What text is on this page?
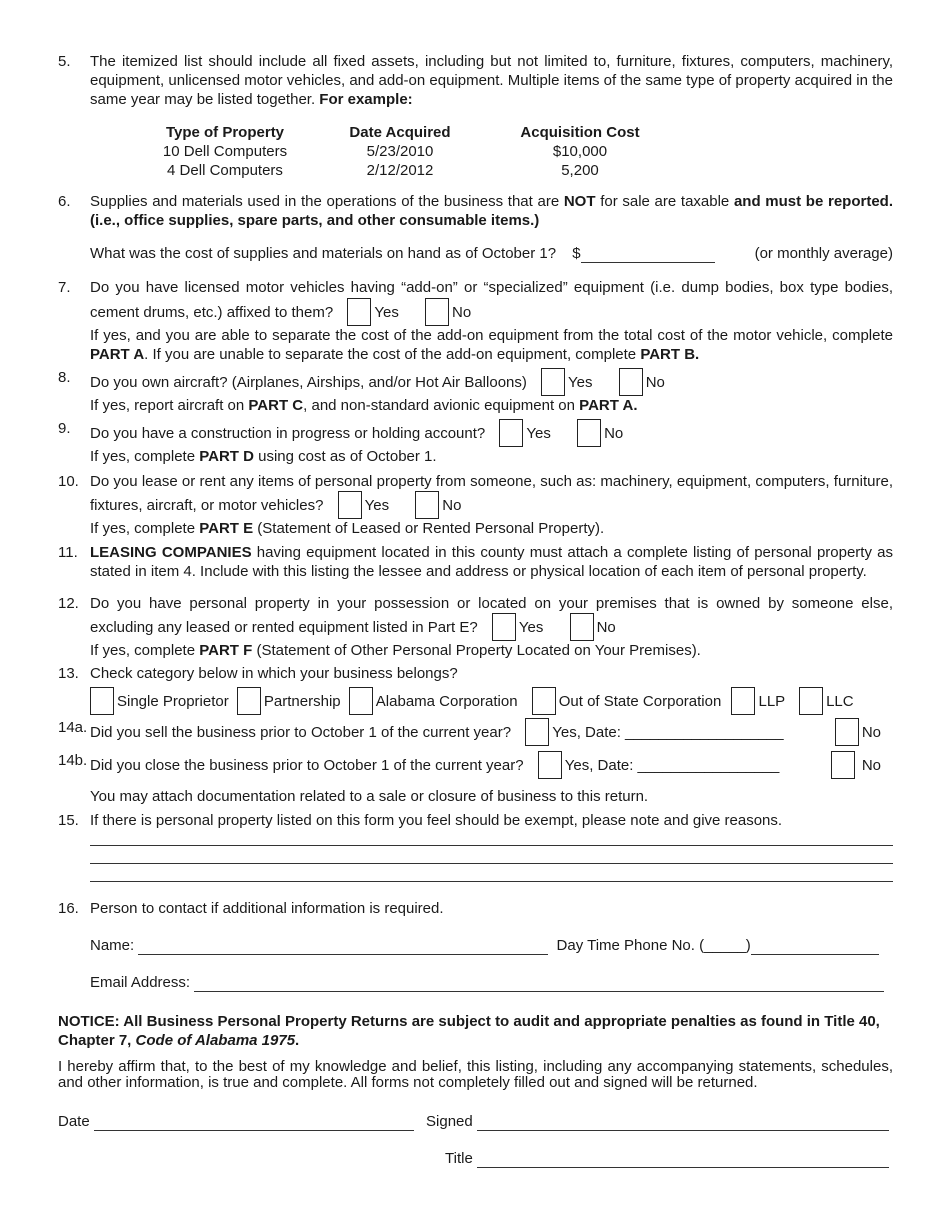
5.	The itemized list should include all fixed assets, including but not limited to, furniture, fixtures, computers, machinery, equipment, unlicensed motor vehicles, and add-on equipment. Multiple items of the same type of property acquired in the same year may be listed together. For example:
Type of Property	Date Acquired	Acquisition Cost
10 Dell Computers	5/23/2010	$10,000
4 Dell Computers	2/12/2012	5,200
6.	Supplies and materials used in the operations of the business that are NOT for sale are taxable and must be reported. (i.e., office supplies, spare parts, and other consumable items.)
What was the cost of supplies and materials on hand as of October 1? $	(or monthly average)
7.	Do you have licensed motor vehicles having “add-on” or “specialized” equipment (i.e. dump bodies, box type bodies, cement drums, etc.) affixed to them?	Yes	No
If yes, and you are able to separate the cost of the add-on equipment from the total cost of the motor vehicle, complete PART A. If you are unable to separate the cost of the add-on equipment, complete PART B.
8.	Do you own aircraft? (Airplanes, Airships, and/or Hot Air Balloons)	Yes	No
If yes, report aircraft on PART C, and non-standard avionic equipment on PART A.
9.	Do you have a construction in progress or holding account?	Yes	No
If yes, complete PART D using cost as of October 1.
10. Do you lease or rent any items of personal property from someone, such as: machinery, equipment, computers, furniture, fixtures, aircraft, or motor vehicles?	Yes	No
If yes, complete PART E (Statement of Leased or Rented Personal Property).
11. LEASING COMPANIES having equipment located in this county must attach a complete listing of personal property as stated in item 4. Include with this listing the lessee and address or physical location of each item of personal property.
12. Do you have personal property in your possession or located on your premises that is owned by someone else, excluding any leased or rented equipment listed in Part E?	Yes	No
If yes, complete PART F (Statement of Other Personal Property Located on Your Premises).
13. Check category below in which your business belongs?
Single Proprietor Partnership Alabama Corporation	Out of State Corporation LLP	LLC
14a. Did you sell the business prior to October 1 of the current year?	Yes, Date: ___________________	No
14b. Did you close the business prior to October 1 of the current year?	Yes, Date: _________________	No
You may attach documentation related to a sale or closure of business to this return.
15. If there is personal property listed on this form you feel should be exempt, please note and give reasons.
16. Person to contact if additional information is required.
Name:	Day Time Phone No. (_____)
Email Address:
NOTICE: All Business Personal Property Returns are subject to audit and appropriate penalties as found in Title 40, Chapter 7, Code of Alabama 1975.
I hereby affirm that, to the best of my knowledge and belief, this listing, including any accompanying statements, schedules, and other information, is true and complete. All forms not completely filled out and signed will be returned.
Date	Signed
Title
